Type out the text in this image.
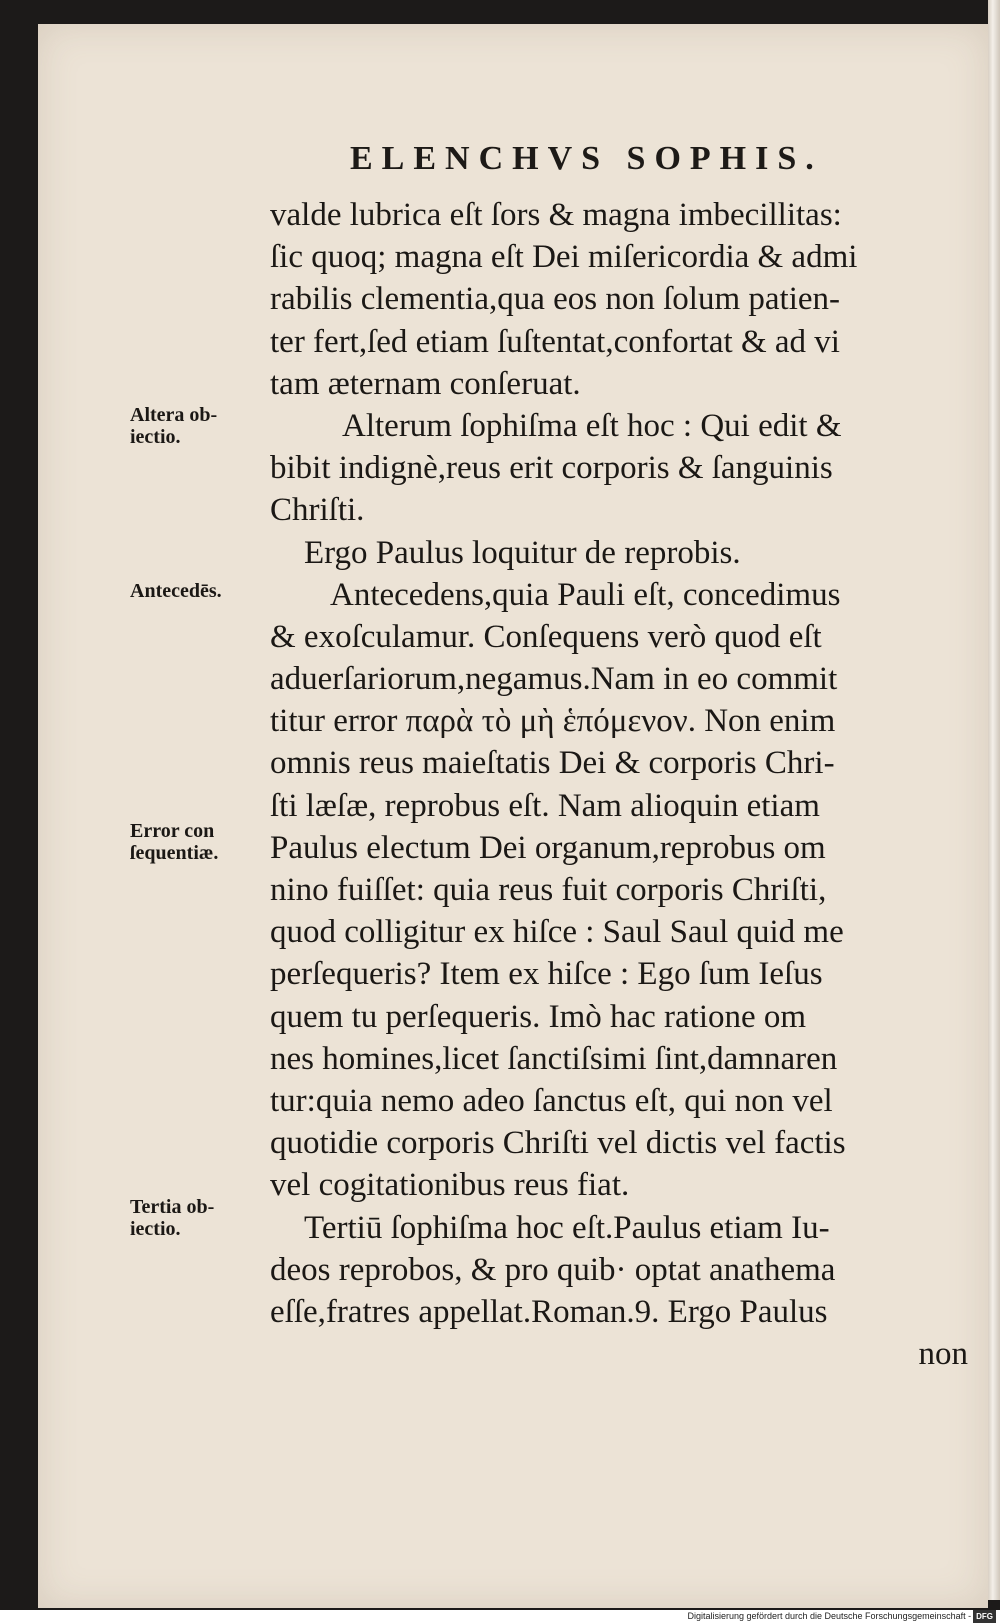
ELENCHVS SOPHIS.
valde lubrica eſt ſors & magna imbecillitas:
ſic quoq; magna eſt Dei miſericordia & admi
rabilis clementia,qua eos non ſolum patien-
ter fert,ſed etiam ſuſtentat,confortat & ad vi
tam æternam conſeruat.
Alterum ſophiſma eſt hoc : Qui edit &
bibit indignè,reus erit corporis & ſanguinis
Chriſti.
Ergo Paulus loquitur de reprobis.
Antecedens,quia Pauli eſt, concedimus
& exoſculamur. Conſequens verò quod eſt
aduerſariorum,negamus.Nam in eo commit
titur error παρὰ τὸ μὴ ἑπόμενον. Non enim
omnis reus maieſtatis Dei & corporis Chri-
ſti læſæ, reprobus eſt. Nam alioquin etiam
Paulus electum Dei organum,reprobus om
nino fuiſſet: quia reus fuit corporis Chriſti,
quod colligitur ex hiſce : Saul Saul quid me
perſequeris? Item ex hiſce : Ego ſum Ieſus
quem tu perſequeris. Imò hac ratione om
nes homines,licet ſanctiſsimi ſint,damnaren
tur:quia nemo adeo ſanctus eſt, qui non vel
quotidie corporis Chriſti vel dictis vel factis
vel cogitationibus reus fiat.
Tertiū ſophiſma hoc eſt.Paulus etiam Iu-
deos reprobos, & pro quib· optat anathema
eſſe,fratres appellat.Roman.9. Ergo Paulus
non
Altera ob-
iectio.
Antecedēs.
Error con
ſequentiæ.
Tertia ob-
iectio.
Digitalisierung gefördert durch die Deutsche Forschungsgemeinschaft - DFG
